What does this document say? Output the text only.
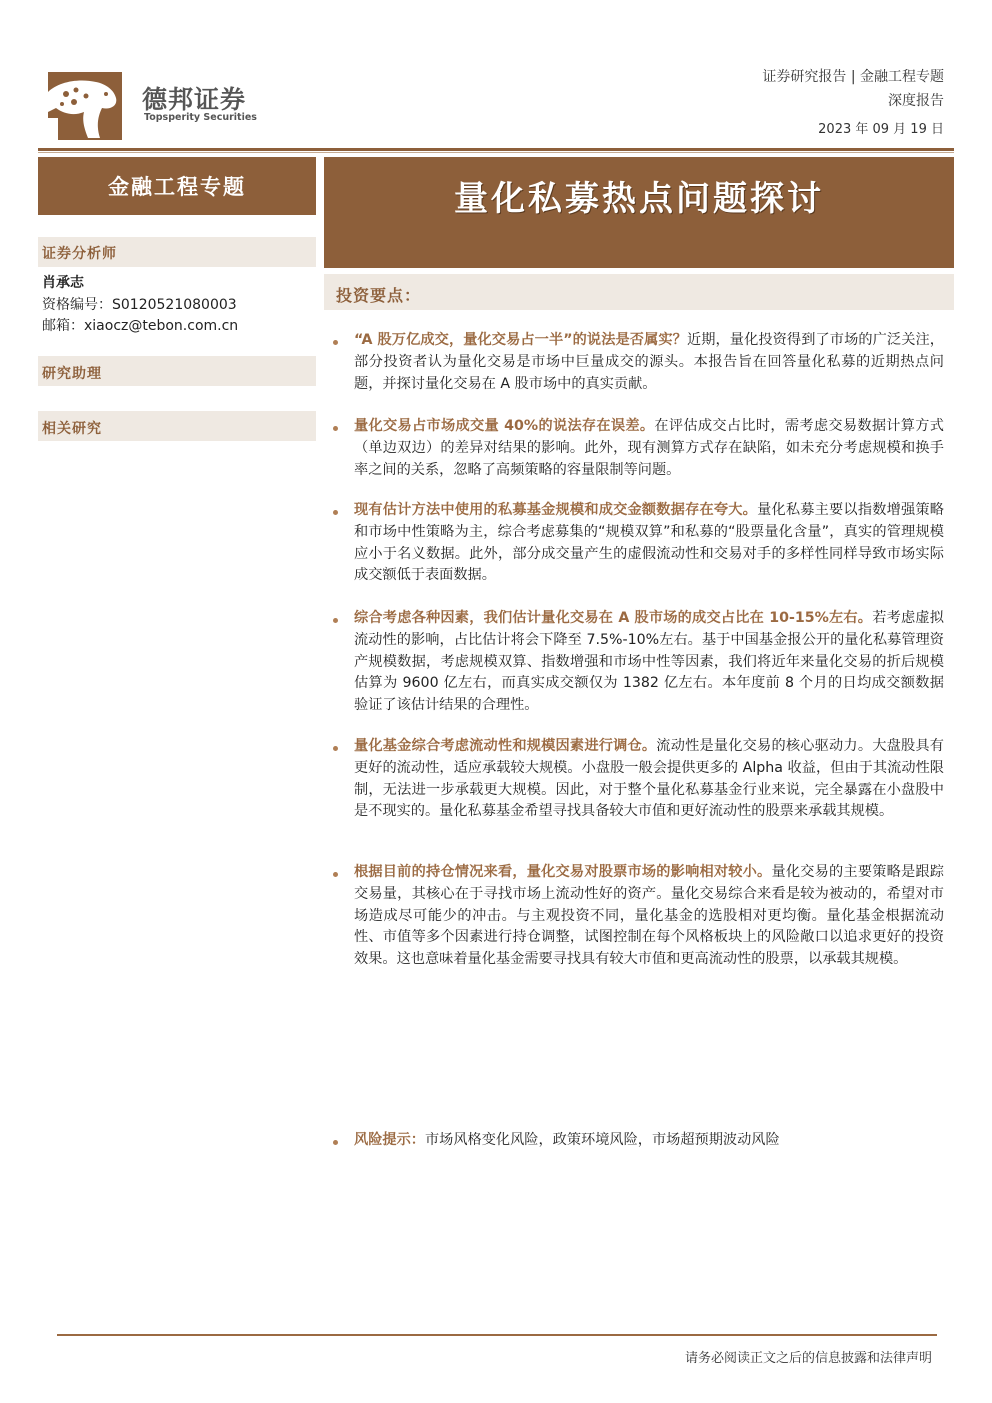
德邦证券
Topsperity Securities
证券研究报告 | 金融工程专题
深度报告
2023 年 09 月 19 日
金融工程专题	量化私募热点问题探讨
证券分析师
肖承志
资格编号：S0120521080003
邮箱：xiaocz@tebon.com.cn
研究助理
相关研究
投资要点：
“A 股万亿成交，量化交易占一半”的说法是否属实？近期，量化投资得到了市场的广泛关注，部分投资者认为量化交易是市场中巨量成交的源头。本报告旨在回答量化私募的近期热点问题，并探讨量化交易在 A 股市场中的真实贡献。
量化交易占市场成交量 40%的说法存在误差。在评估成交占比时，需考虑交易数据计算方式（单边双边）的差异对结果的影响。此外，现有测算方式存在缺陷，如未充分考虑规模和换手率之间的关系，忽略了高频策略的容量限制等问题。
现有估计方法中使用的私募基金规模和成交金额数据存在夸大。量化私募主要以指数增强策略和市场中性策略为主，综合考虑募集的“规模双算”和私募的“股票量化含量”，真实的管理规模应小于名义数据。此外，部分成交量产生的虚假流动性和交易对手的多样性同样导致市场实际成交额低于表面数据。
综合考虑各种因素，我们估计量化交易在 A 股市场的成交占比在 10-15%左右。若考虑虚拟流动性的影响，占比估计将会下降至 7.5%-10%左右。基于中国基金报公开的量化私募管理资产规模数据，考虑规模双算、指数增强和市场中性等因素，我们将近年来量化交易的折后规模估算为 9600 亿左右，而真实成交额仅为 1382 亿左右。本年度前 8 个月的日均成交额数据验证了该估计结果的合理性。
量化基金综合考虑流动性和规模因素进行调仓。流动性是量化交易的核心驱动力。大盘股具有更好的流动性，适应承载较大规模。小盘股一般会提供更多的 Alpha 收益，但由于其流动性限制，无法进一步承载更大规模。因此，对于整个量化私募基金行业来说，完全暴露在小盘股中是不现实的。量化私募基金希望寻找具备较大市值和更好流动性的股票来承载其规模。
根据目前的持仓情况来看，量化交易对股票市场的影响相对较小。量化交易的主要策略是跟踪交易量，其核心在于寻找市场上流动性好的资产。量化交易综合来看是较为被动的，希望对市场造成尽可能少的冲击。与主观投资不同，量化基金的选股相对更均衡。量化基金根据流动性、市值等多个因素进行持仓调整，试图控制在每个风格板块上的风险敞口以追求更好的投资效果。这也意味着量化基金需要寻找具有较大市值和更高流动性的股票，以承载其规模。
风险提示：市场风格变化风险，政策环境风险，市场超预期波动风险
请务必阅读正文之后的信息披露和法律声明
